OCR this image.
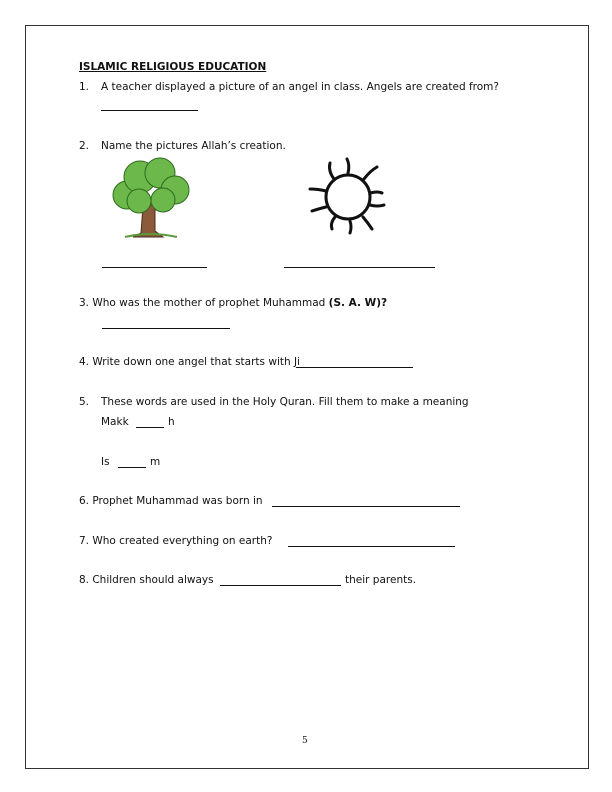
ISLAMIC RELIGIOUS EDUCATION
1. A teacher displayed a picture of an angel in class. Angels are created from?
2. Name the pictures Allah’s creation.
3. Who was the mother of prophet Muhammad (S. A. W)?
4. Write down one angel that starts with Ji
5. These words are used in the Holy Quran. Fill them to make a meaning
Makk	h
Is	m
6. Prophet Muhammad was born in
7. Who created everything on earth?
8. Children should always	their parents.
5
